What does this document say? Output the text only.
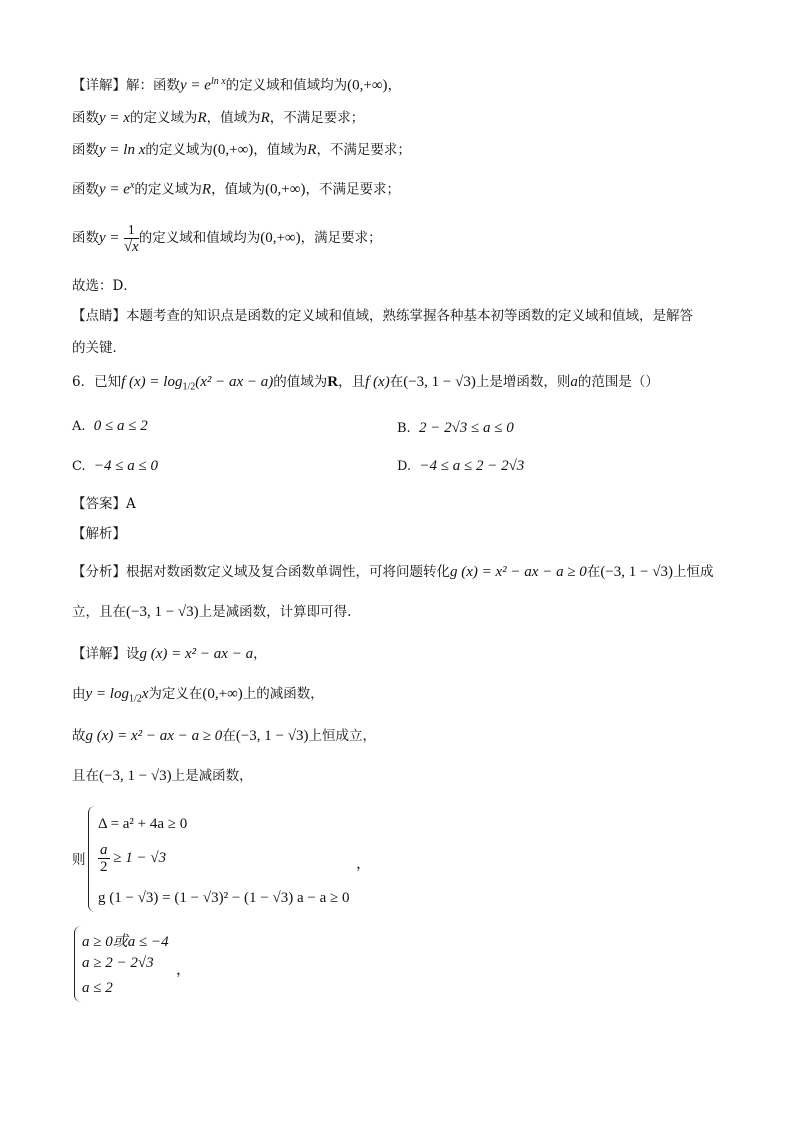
【详解】解：函数$y = e^{ln x}$的定义域和值域均为(0,+∞)，
函数y = x的定义域为R，值域为R，不满足要求；
函数y = ln x的定义域为(0,+∞)，值域为R，不满足要求；
函数$y = e^x$的定义域为R，值域为(0,+∞)，不满足要求；
函数$y = \frac{1}{√x}$ 的定义域和值域均为(0,+∞)，满足要求；
故选：D．
【点睛】本题考查的知识点是函数的定义域和值域，熟练掌握各种基本初等函数的定义域和值域，是解答
的关键．
6．已知f $(x) = \log_{1/2}(x^2$ − ax − a)的值域为R，且f (x)在(−3, 1 − √3)上是增函数，则a的范围是（）
A. 0 ≤ a ≤ 2	B. 2 − 2√3 ≤ a ≤ 0
C. −4 ≤ a ≤ 0	D. −4 ≤ a ≤ 2 − 2√3
【答案】A
【解析】
【分析】根据对数函数定义域及复合函数单调性，可将问题转化g (x) = x² − ax − a ≥ 0在(−3, 1 − √3)上恒成
立，且在(−3, 1 − √3)上是减函数，计算即可得.
【详解】设g (x) = x² − ax − a，
由$y = \log_{1/2}x$为定义在(0,+∞)上的减函数，
故g (x) = x² − ax − a ≥ 0在(−3, 1 − √3)上恒成立，
且在(−3, 1 − √3)上是减函数，
则
Δ = a² + 4a ≥ 0
$\frac{a}{2} \ge 1 - √3$
g (1 − √3) = (1 − √3)² − (1 − √3) a − a ≥ 0
，
a ≥ 0或a ≤ −4
a ≥ 2 − 2√3
a ≤ 2
，
